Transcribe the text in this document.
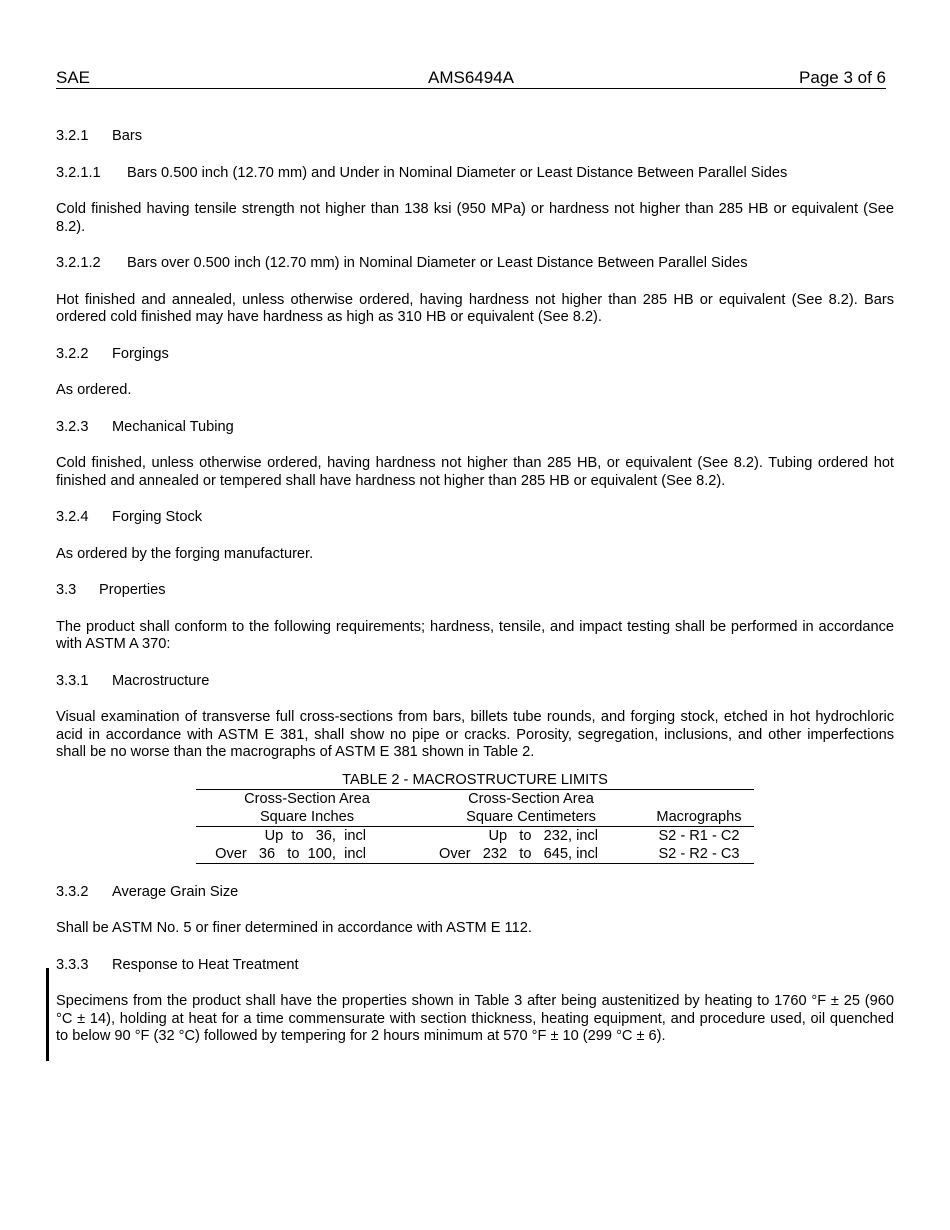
SAE	AMS6494A	Page 3 of 6
3.2.1 Bars
3.2.1.1 Bars 0.500 inch (12.70 mm) and Under in Nominal Diameter or Least Distance Between Parallel Sides

Cold finished having tensile strength not higher than 138 ksi (950 MPa) or hardness not higher than 285 HB or equivalent (See 8.2).

3.2.1.2 Bars over 0.500 inch (12.70 mm) in Nominal Diameter or Least Distance Between Parallel Sides

Hot finished and annealed, unless otherwise ordered, having hardness not higher than 285 HB or equivalent (See 8.2). Bars ordered cold finished may have hardness as high as 310 HB or equivalent (See 8.2).

3.2.2 Forgings

As ordered.

3.2.3 Mechanical Tubing

Cold finished, unless otherwise ordered, having hardness not higher than 285 HB, or equivalent (See 8.2). Tubing ordered hot finished and annealed or tempered shall have hardness not higher than 285 HB or equivalent (See 8.2).

3.2.4 Forging Stock

As ordered by the forging manufacturer.

3.3 Properties

The product shall conform to the following requirements; hardness, tensile, and impact testing shall be performed in accordance with ASTM A 370:

3.3.1 Macrostructure

Visual examination of transverse full cross-sections from bars, billets tube rounds, and forging stock, etched in hot hydrochloric acid in accordance with ASTM E 381, shall show no pipe or cracks. Porosity, segregation, inclusions, and other imperfections shall be no worse than the macrographs of ASTM E 381 shown in Table 2.

TABLE 2 - MACROSTRUCTURE LIMITS
Cross-Section Area	Cross-Section Area	
Square Inches	Square Centimeters	Macrographs
Up  to   36,  incl	Up   to   232, incl	S2 - R1 - C2
Over   36   to  100,  incl	Over   232   to   645, incl	S2 - R2 - C3
3.3.2 Average Grain Size

Shall be ASTM No. 5 or finer determined in accordance with ASTM E 112.

3.3.3 Response to Heat Treatment

Specimens from the product shall have the properties shown in Table 3 after being austenitized by heating to 1760 °F ± 25 (960 °C ± 14), holding at heat for a time commensurate with section thickness, heating equipment, and procedure used, oil quenched to below 90 °F (32 °C) followed by tempering for 2 hours minimum at 570 °F ± 10 (299 °C ± 6).
